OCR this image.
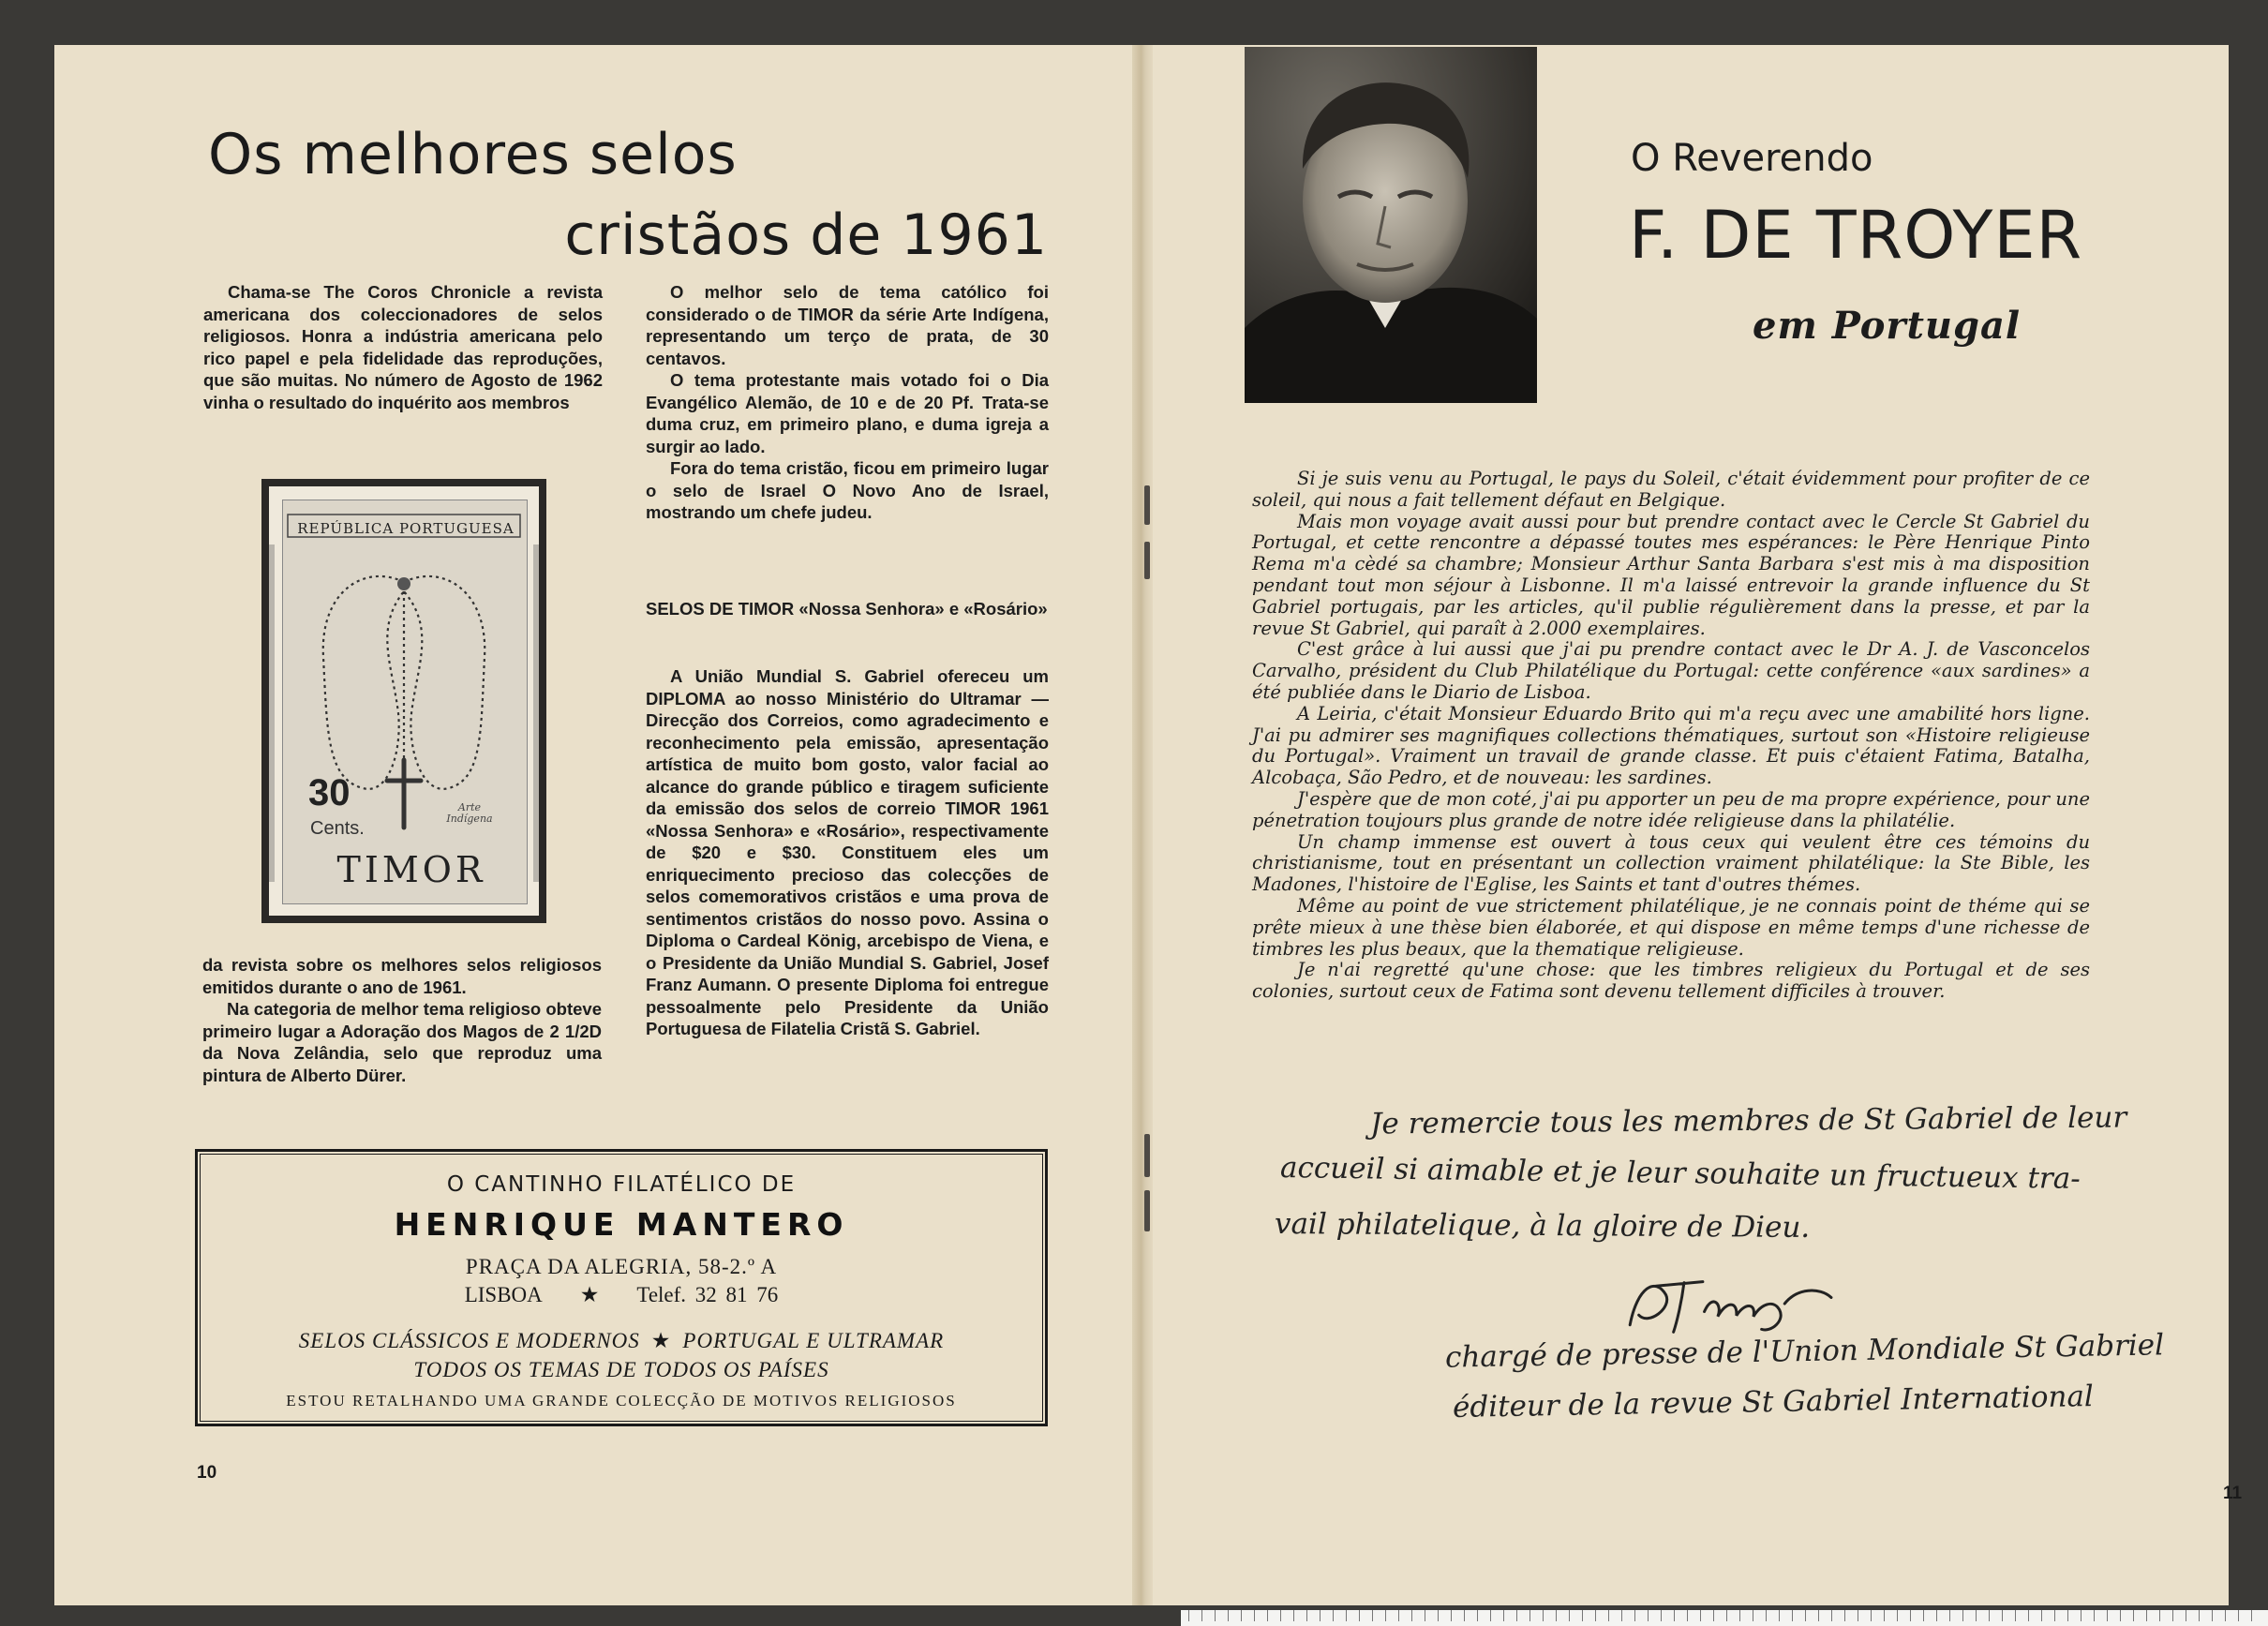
Os melhores selos
cristãos de 1961

Chama-se The Coros Chronicle a revista americana dos coleccionadores de selos religiosos. Honra a indústria americana pelo rico papel e pela fidelidade das reproduções, que são muitas. No número de Agosto de 1962 vinha o resultado do inquérito aos membros

REPÚBLICA PORTUGUESA
30
Cents.
Arte Indígena
TIMOR

da revista sobre os melhores selos religiosos emitidos durante o ano de 1961.

Na categoria de melhor tema religioso obteve primeiro lugar a Adoração dos Magos de 2 1/2D da Nova Zelândia, selo que reproduz uma pintura de Alberto Dürer.

O melhor selo de tema católico foi considerado o de TIMOR da série Arte Indígena, representando um terço de prata, de 30 centavos.

O tema protestante mais votado foi o Dia Evangélico Alemão, de 10 e de 20 Pf. Trata-se duma cruz, em primeiro plano, e duma igreja a surgir ao lado.

Fora do tema cristão, ficou em primeiro lugar o selo de Israel O Novo Ano de Israel, mostrando um chefe judeu.

SELOS DE TIMOR «Nossa Senhora» e «Rosário»

A União Mundial S. Gabriel ofereceu um DIPLOMA ao nosso Ministério do Ultramar — Direcção dos Correios, como agradecimento e reconhecimento pela emissão, apresentação artística de muito bom gosto, valor facial ao alcance do grande público e tiragem suficiente da emissão dos selos de correio TIMOR 1961 «Nossa Senhora» e «Rosário», respectivamente de $20 e $30. Constituem eles um enriquecimento precioso das colecções de selos comemorativos cristãos e uma prova de sentimentos cristãos do nosso povo. Assina o Diploma o Cardeal König, arcebispo de Viena, e o Presidente da União Mundial S. Gabriel, Josef Franz Aumann. O presente Diploma foi entregue pessoalmente pelo Presidente da União Portuguesa de Filatelia Cristã S. Gabriel.

O CANTINHO FILATÉLICO DE
HENRIQUE MANTERO
PRAÇA DA ALEGRIA, 58-2.º A
LISBOA ★ Telef. 32 81 76
SELOS CLÁSSICOS E MODERNOS ★ PORTUGAL E ULTRAMAR
TODOS OS TEMAS DE TODOS OS PAÍSES
ESTOU RETALHANDO UMA GRANDE COLECÇÃO DE MOTIVOS RELIGIOSOS
10
O Reverendo
F. DE TROYER
em Portugal

Si je suis venu au Portugal, le pays du Soleil, c'était évidemment pour profiter de ce soleil, qui nous a fait tellement défaut en Belgique.

Mais mon voyage avait aussi pour but prendre contact avec le Cercle St Gabriel du Portugal, et cette rencontre a dépassé toutes mes espérances: le Père Henrique Pinto Rema m'a cèdé sa chambre; Monsieur Arthur Santa Barbara s'est mis à ma disposition pendant tout mon séjour à Lisbonne. Il m'a laissé entrevoir la grande influence du St Gabriel portugais, par les articles, qu'il publie régulièrement dans la presse, et par la revue St Gabriel, qui paraît à 2.000 exemplaires.

C'est grâce à lui aussi que j'ai pu prendre contact avec le Dr A. J. de Vasconcelos Carvalho, président du Club Philatélique du Portugal: cette conférence «aux sardines» a été publiée dans le Diario de Lisboa.

A Leiria, c'était Monsieur Eduardo Brito qui m'a reçu avec une amabilité hors ligne. J'ai pu admirer ses magnifiques collections thématiques, surtout son «Histoire religieuse du Portugal». Vraiment un travail de grande classe. Et puis c'étaient Fatima, Batalha, Alcobaça, São Pedro, et de nouveau: les sardines.

J'espère que de mon coté, j'ai pu apporter un peu de ma propre expérience, pour une pénetration toujours plus grande de notre idée religieuse dans la philatélie.

Un champ immense est ouvert à tous ceux qui veulent être ces témoins du christianisme, tout en présentant un collection vraiment philatélique: la Ste Bible, les Madones, l'histoire de l'Eglise, les Saints et tant d'outres thémes.

Même au point de vue strictement philatélique, je ne connais point de théme qui se prête mieux à une thèse bien élaborée, et qui dispose en même temps d'une richesse de timbres les plus beaux, que la thematique religieuse.

Je n'ai regretté qu'une chose: que les timbres religieux du Portugal et de ses colonies, surtout ceux de Fatima sont devenu tellement difficiles à trouver.

Je remercie tous les membres de St Gabriel de leur
accueil si aimable et je leur souhaite un fructueux tra-
vail philatelique, à la gloire de Dieu.
chargé de presse de l'Union Mondiale St Gabriel
éditeur de la revue St Gabriel International
11
